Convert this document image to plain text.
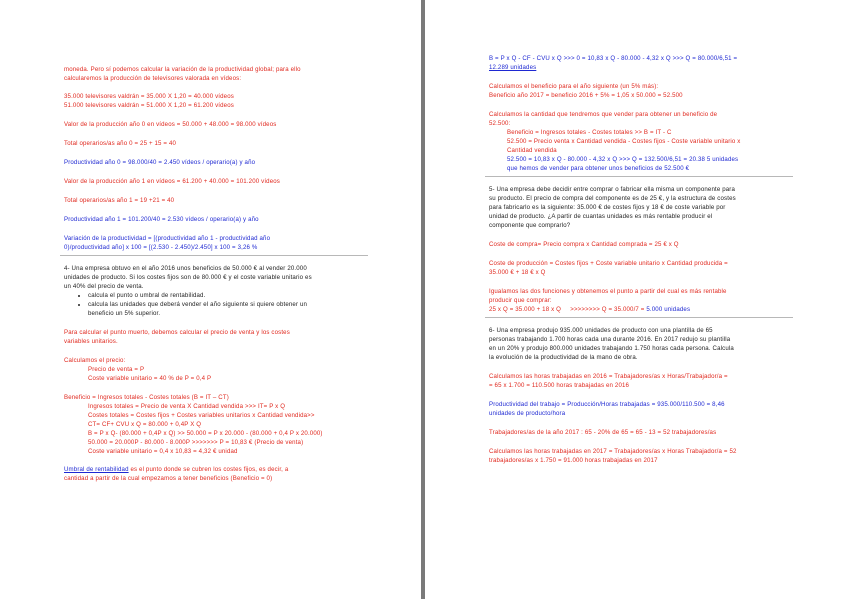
moneda. Pero sí podemos calcular la variación de la productividad global; para ello

calcularemos la producción de televisores valorada en vídeos:

35.000 televisores valdrán = 35.000 X 1,20 = 40.000 vídeos

51.000 televisores valdrán = 51.000 X 1,20 = 61.200 vídeos

Valor de la producción año 0 en vídeos = 50.000 + 48.000 = 98.000 vídeos

Total operarios/as año 0 = 25 + 15 = 40

Productividad año 0 = 98.000/40 = 2.450 vídeos / operario(a) y año

Valor de la producción año 1 en vídeos = 61.200 + 40.000 = 101.200 vídeos

Total operarios/as año 1 = 19 +21 = 40

Productividad año 1 = 101.200/40 = 2.530 vídeos / operario(a) y año

Variación de la productividad = [(productividad año 1 - productividad año

0)/productividad año] x 100 = [(2.530 - 2.450)/2.450] x 100 = 3,26 %

4- Una empresa obtuvo en el año 2016 unos beneficios de 50.000 € al vender 20.000

unidades de producto. Si los costes fijos son de 80.000 € y el coste variable unitario es

un 40% del precio de venta.

• calcula el punto o umbral de rentabilidad.
• calcula las unidades que deberá vender el año siguiente si quiere obtener un
beneficio un 5% superior.

Para calcular el punto muerto, debemos calcular el precio de venta y los costes

variables unitarios.

Calculamos el precio:

Precio de venta = P

Coste variable unitario = 40 % de P = 0,4 P

Beneficio = Ingresos totales - Costes totales (B = IT – CT)

Ingresos totales = Precio de venta X Cantidad vendida >>> IT= P x Q

Costes totales = Costes fijos + Costes variables unitarios x Cantidad vendida>>

CT= CF+ CVU x Q = 80.000 + 0,4P X Q

B = P x Q- (80.000 + 0,4P x Q) >> 50.000 = P x 20.000 - (80.000 + 0,4 P x 20.000)

50.000 = 20.000P - 80.000 - 8.000P >>>>>>> P = 10,83 € (Precio de venta)

Coste variable unitario = 0,4 x 10,83 = 4,32 € unidad

Umbral de rentabilidad es el punto donde se cubren los costes fijos, es decir, a

cantidad a partir de la cual empezamos a tener beneficios (Beneficio = 0)

B = P x Q - CF - CVU x Q >>> 0 = 10,83 x Q - 80.000 - 4,32 x Q >>> Q = 80.000/6,51 =

12.289 unidades

Calculamos el beneficio para el año siguiente (un 5% más):

Beneficio año 2017 = beneficio 2016 + 5% = 1,05 x 50.000 = 52.500

Calculamos la cantidad que tendremos que vender para obtener un beneficio de

52.500:

Beneficio = Ingresos totales - Costes totales >> B = IT - C

52.500 = Precio venta x Cantidad vendida - Costes fijos - Coste variable unitario x

Cantidad vendida

52.500 = 10,83 x Q - 80.000 - 4,32 x Q >>> Q = 132.500/6,51 = 20.38 5 unidades

que hemos de vender para obtener unos beneficios de 52.500 €

5- Una empresa debe decidir entre comprar o fabricar ella misma un componente para

su producto. El precio de compra del componente es de 25 €, y la estructura de costes

para fabricarlo es la siguiente: 35.000 € de costes fijos y 18 € de coste variable por

unidad de producto. ¿A partir de cuantas unidades es más rentable producir el

componente que comprarlo?

Coste de compra= Precio compra x Cantidad comprada = 25 € x Q

Coste de producción = Costes fijos + Coste variable unitario x Cantidad producida =

35.000 € + 18 € x Q

Igualamos las dos funciones y obtenemos el punto a partir del cual es más rentable

producir que comprar:

25 x Q = 35.000 + 18 x Q     >>>>>>>> Q = 35.000/7 = 5.000 unidades

6- Una empresa produjo 935.000 unidades de producto con una plantilla de 65

personas trabajando 1.700 horas cada una durante 2016. En 2017 redujo su plantilla

en un 20% y produjo 800.000 unidades trabajando 1.750 horas cada persona. Calcula

la evolución de la productividad de la mano de obra.

Calculamos las horas trabajadas en 2016 = Trabajadores/as x Horas/Trabajador/a =

= 65 x 1.700 = 110.500 horas trabajadas en 2016

Productividad del trabajo = Producción/Horas trabajadas = 935.000/110.500 = 8,46

unidades de producto/hora

Trabajadores/as de la año 2017 : 65 - 20% de 65 = 65 - 13 = 52 trabajadores/as

Calculamos las horas trabajadas en 2017 = Trabajadores/as x Horas Trabajador/a = 52

trabajadores/as x 1.750 = 91.000 horas trabajadas en 2017
